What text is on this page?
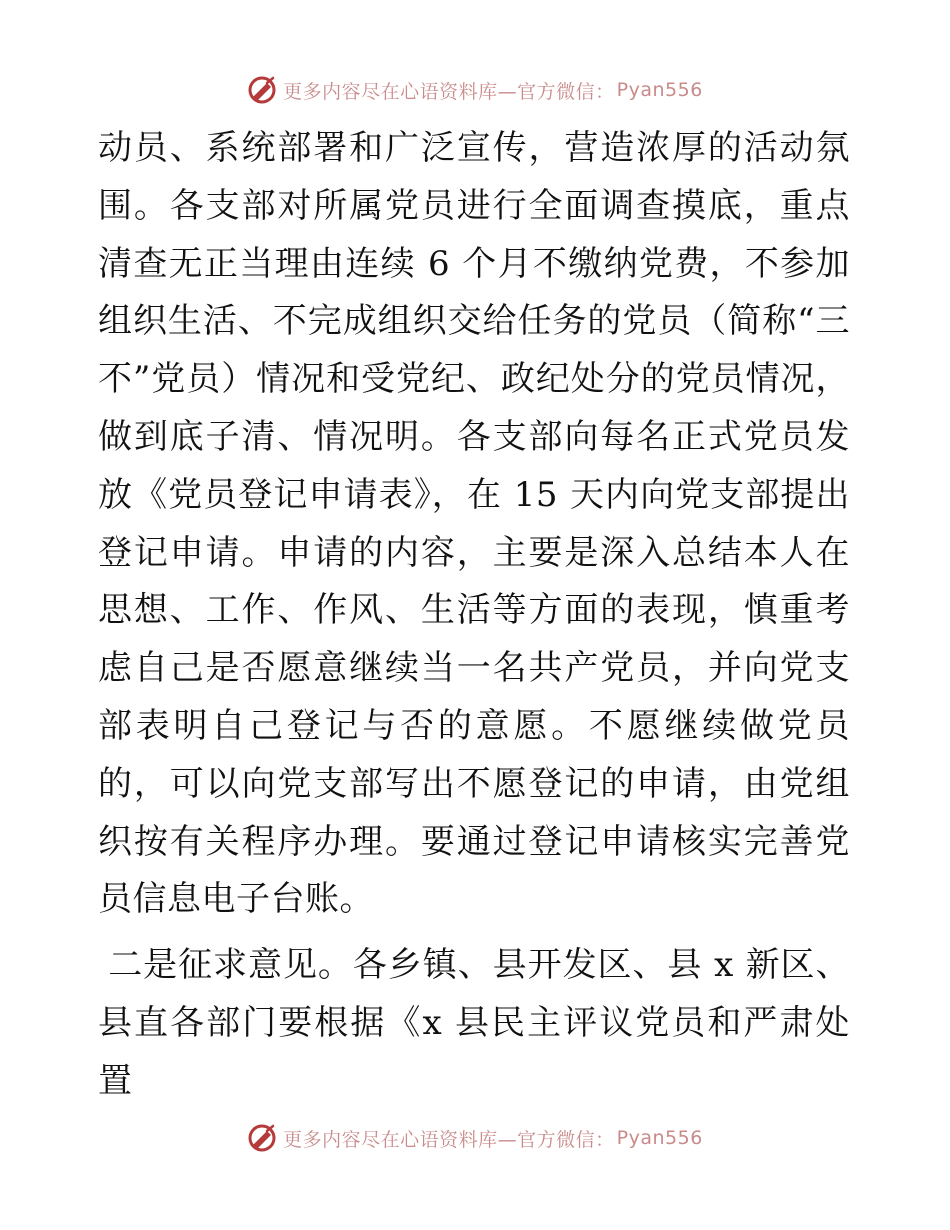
更多内容尽在心语资料库—官方微信： Pyan556

动员、系统部署和广泛宣传，营造浓厚的活动氛围。各支部对所属党员进行全面调查摸底，重点清查无正当理由连续 6 个月不缴纳党费，不参加组织生活、不完成组织交给任务的党员（简称“三不”党员）情况和受党纪、政纪处分的党员情况，做到底子清、情况明。各支部向每名正式党员发放《党员登记申请表》，在 15 天内向党支部提出登记申请。申请的内容，主要是深入总结本人在思想、工作、作风、生活等方面的表现，慎重考虑自己是否愿意继续当一名共产党员，并向党支部表明自己登记与否的意愿。不愿继续做党员的，可以向党支部写出不愿登记的申请，由党组织按有关程序办理。要通过登记申请核实完善党员信息电子台账。

二是征求意见。各乡镇、县开发区、县 x 新区、县直各部门要根据《x 县民主评议党员和严肃处置

更多内容尽在心语资料库—官方微信： Pyan556
